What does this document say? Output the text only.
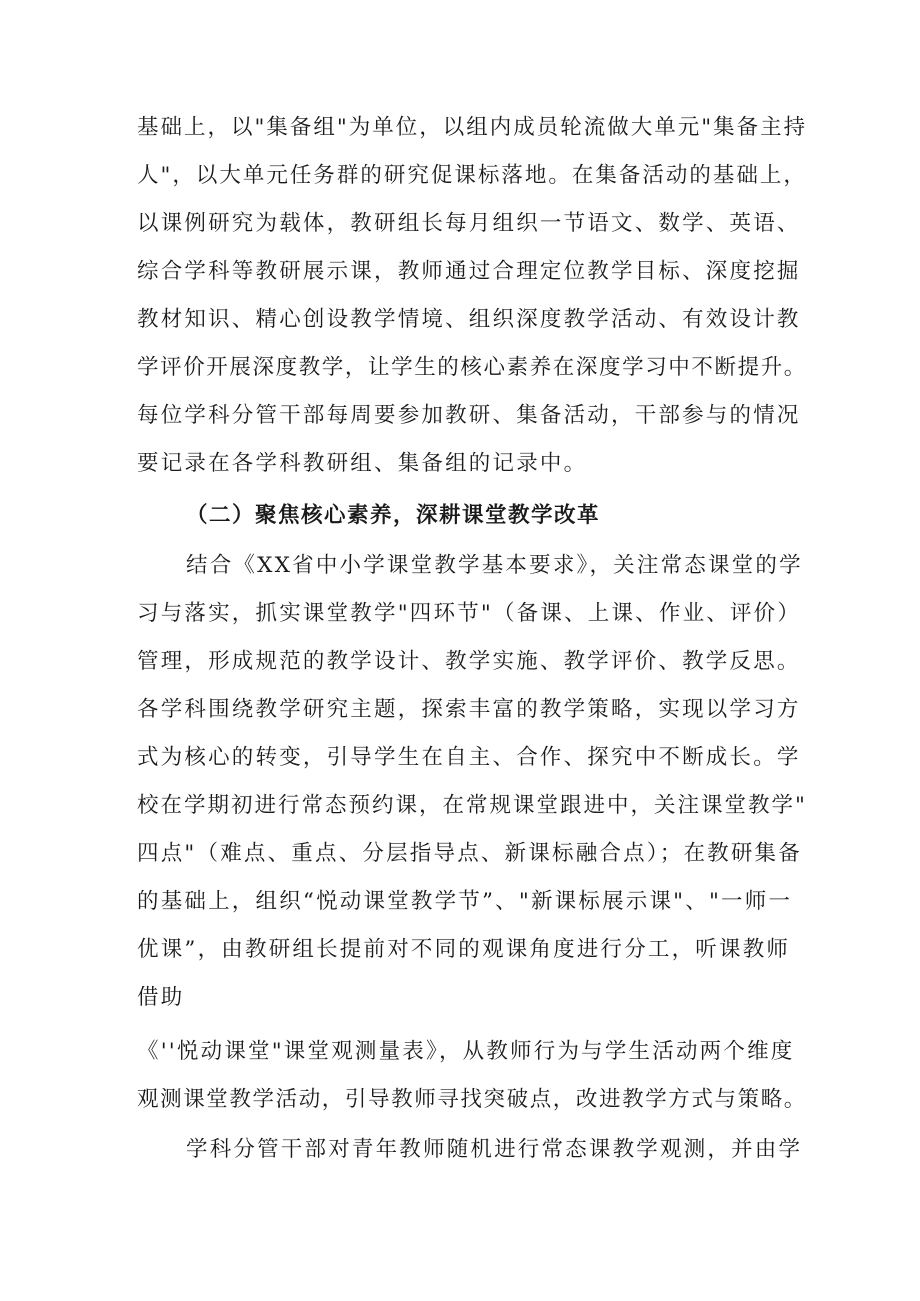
基础上，以"集备组"为单位，以组内成员轮流做大单元"集备主持
人"，以大单元任务群的研究促课标落地。在集备活动的基础上，
以课例研究为载体，教研组长每月组织一节语文、数学、英语、
综合学科等教研展示课，教师通过合理定位教学目标、深度挖掘
教材知识、精心创设教学情境、组织深度教学活动、有效设计教
学评价开展深度教学，让学生的核心素养在深度学习中不断提升。
每位学科分管干部每周要参加教研、集备活动，干部参与的情况
要记录在各学科教研组、集备组的记录中。
（二）聚焦核心素养，深耕课堂教学改革
结合《XX省中小学课堂教学基本要求》，关注常态课堂的学
习与落实，抓实课堂教学"四环节"（备课、上课、作业、评价）
管理，形成规范的教学设计、教学实施、教学评价、教学反思。
各学科围绕教学研究主题，探索丰富的教学策略，实现以学习方
式为核心的转变，引导学生在自主、合作、探究中不断成长。学
校在学期初进行常态预约课，在常规课堂跟进中，关注课堂教学"
四点"（难点、重点、分层指导点、新课标融合点）；在教研集备
的基础上，组织“悦动课堂教学节”、"新课标展示课"、"一师一
优课”，由教研组长提前对不同的观课角度进行分工，听课教师
借助
《''悦动课堂"课堂观测量表》，从教师行为与学生活动两个维度
观测课堂教学活动，引导教师寻找突破点，改进教学方式与策略。
学科分管干部对青年教师随机进行常态课教学观测，并由学
